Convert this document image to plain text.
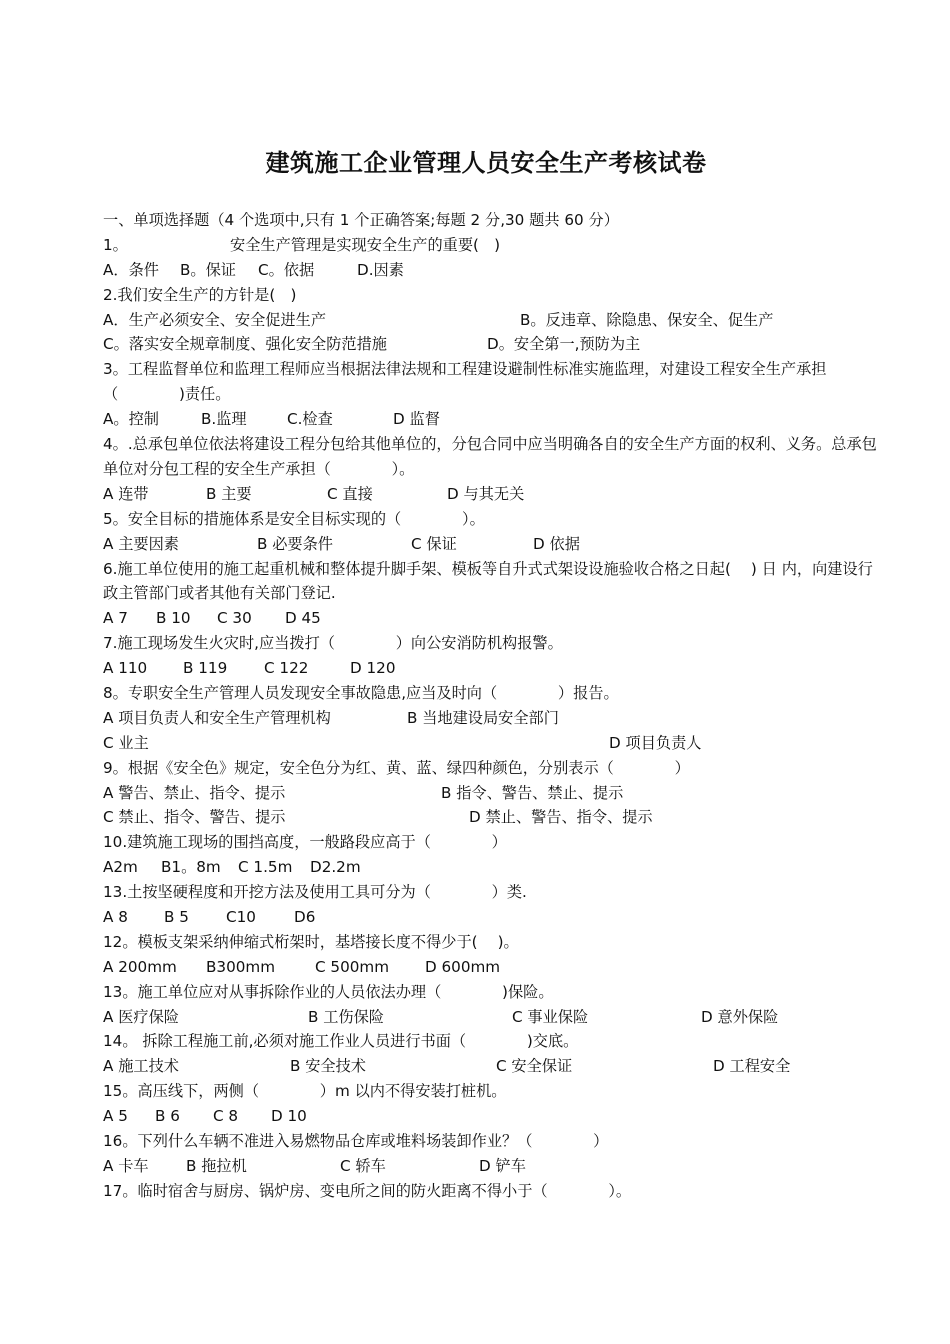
建筑施工企业管理人员安全生产考核试卷
一、单项选择题（4 个选项中,只有 1 个正确答案;每题 2 分,30 题共 60 分）
1。	安全生产管理是实现安全生产的重要(　)
A．条件	B。保证	C。依据	D.因素
2.我们安全生产的方针是(　)
A．生产必须安全、安全促进生产	B。反违章、除隐患、保安全、促生产
C。落实安全规章制度、强化安全防范措施	D。安全第一,预防为主
3。工程监督单位和监理工程师应当根据法律法规和工程建设避制性标准实施监理，对建设工程安全生产承担（　　　　)责任。
A。控制	B.监理	C.检查	D 监督
4。.总承包单位依法将建设工程分包给其他单位的，分包合同中应当明确各自的安全生产方面的权利、义务。总承包单位对分包工程的安全生产承担（　　　　）。
A 连带	B 主要	C 直接	D 与其无关
5。安全目标的措施体系是安全目标实现的（　　　　）。
A 主要因素	B 必要条件	C 保证	D 依据
6.施工单位使用的施工起重机械和整体提升脚手架、模板等自升式式架设设施验收合格之日起(　 ) 日 内，向建设行政主管部门或者其他有关部门登记.
A 7	B 10	C 30	D 45
7.施工现场发生火灾时,应当拨打（　　　　）向公安消防机构报警。
A 110	B 119	C 122	D 120
8。专职安全生产管理人员发现安全事故隐患,应当及时向（　　　　）报告。
A 项目负责人和安全生产管理机构	B 当地建设局安全部门
C 业主	D 项目负责人
9。根据《安全色》规定，安全色分为红、黄、蓝、绿四种颜色，分别表示（　　　　）
A 警告、禁止、指令、提示	B 指令、警告、禁止、提示
C 禁止、指令、警告、提示	D 禁止、警告、指令、提示
10.建筑施工现场的围挡高度，一般路段应高于（　　　　）
A2m	B1。8m	C 1.5m	D2.2m
13.土按坚硬程度和开挖方法及使用工具可分为（　　　　）类.
A 8	B 5	C10	D6
12。模板支架采纳伸缩式桁架时，基塔接长度不得少于(　 )。
A 200mm	B300mm	C 500mm	D 600mm
13。施工单位应对从事拆除作业的人员依法办理（　　　　)保险。
A 医疗保险	B 工伤保险	C 事业保险	D 意外保险
14。 拆除工程施工前,必须对施工作业人员进行书面（　　　　)交底。
A 施工技术	B 安全技术	C 安全保证	D 工程安全
15。高压线下，两侧（　　　　）m 以内不得安装打桩机。
A 5	B 6	C 8	D 10
16。下列什么车辆不准进入易燃物品仓库或堆料场装卸作业？（　　　　）
A 卡车	B 拖拉机	C 轿车	D 铲车
17。临时宿舍与厨房、锅炉房、变电所之间的防火距离不得小于（　　　　）。
